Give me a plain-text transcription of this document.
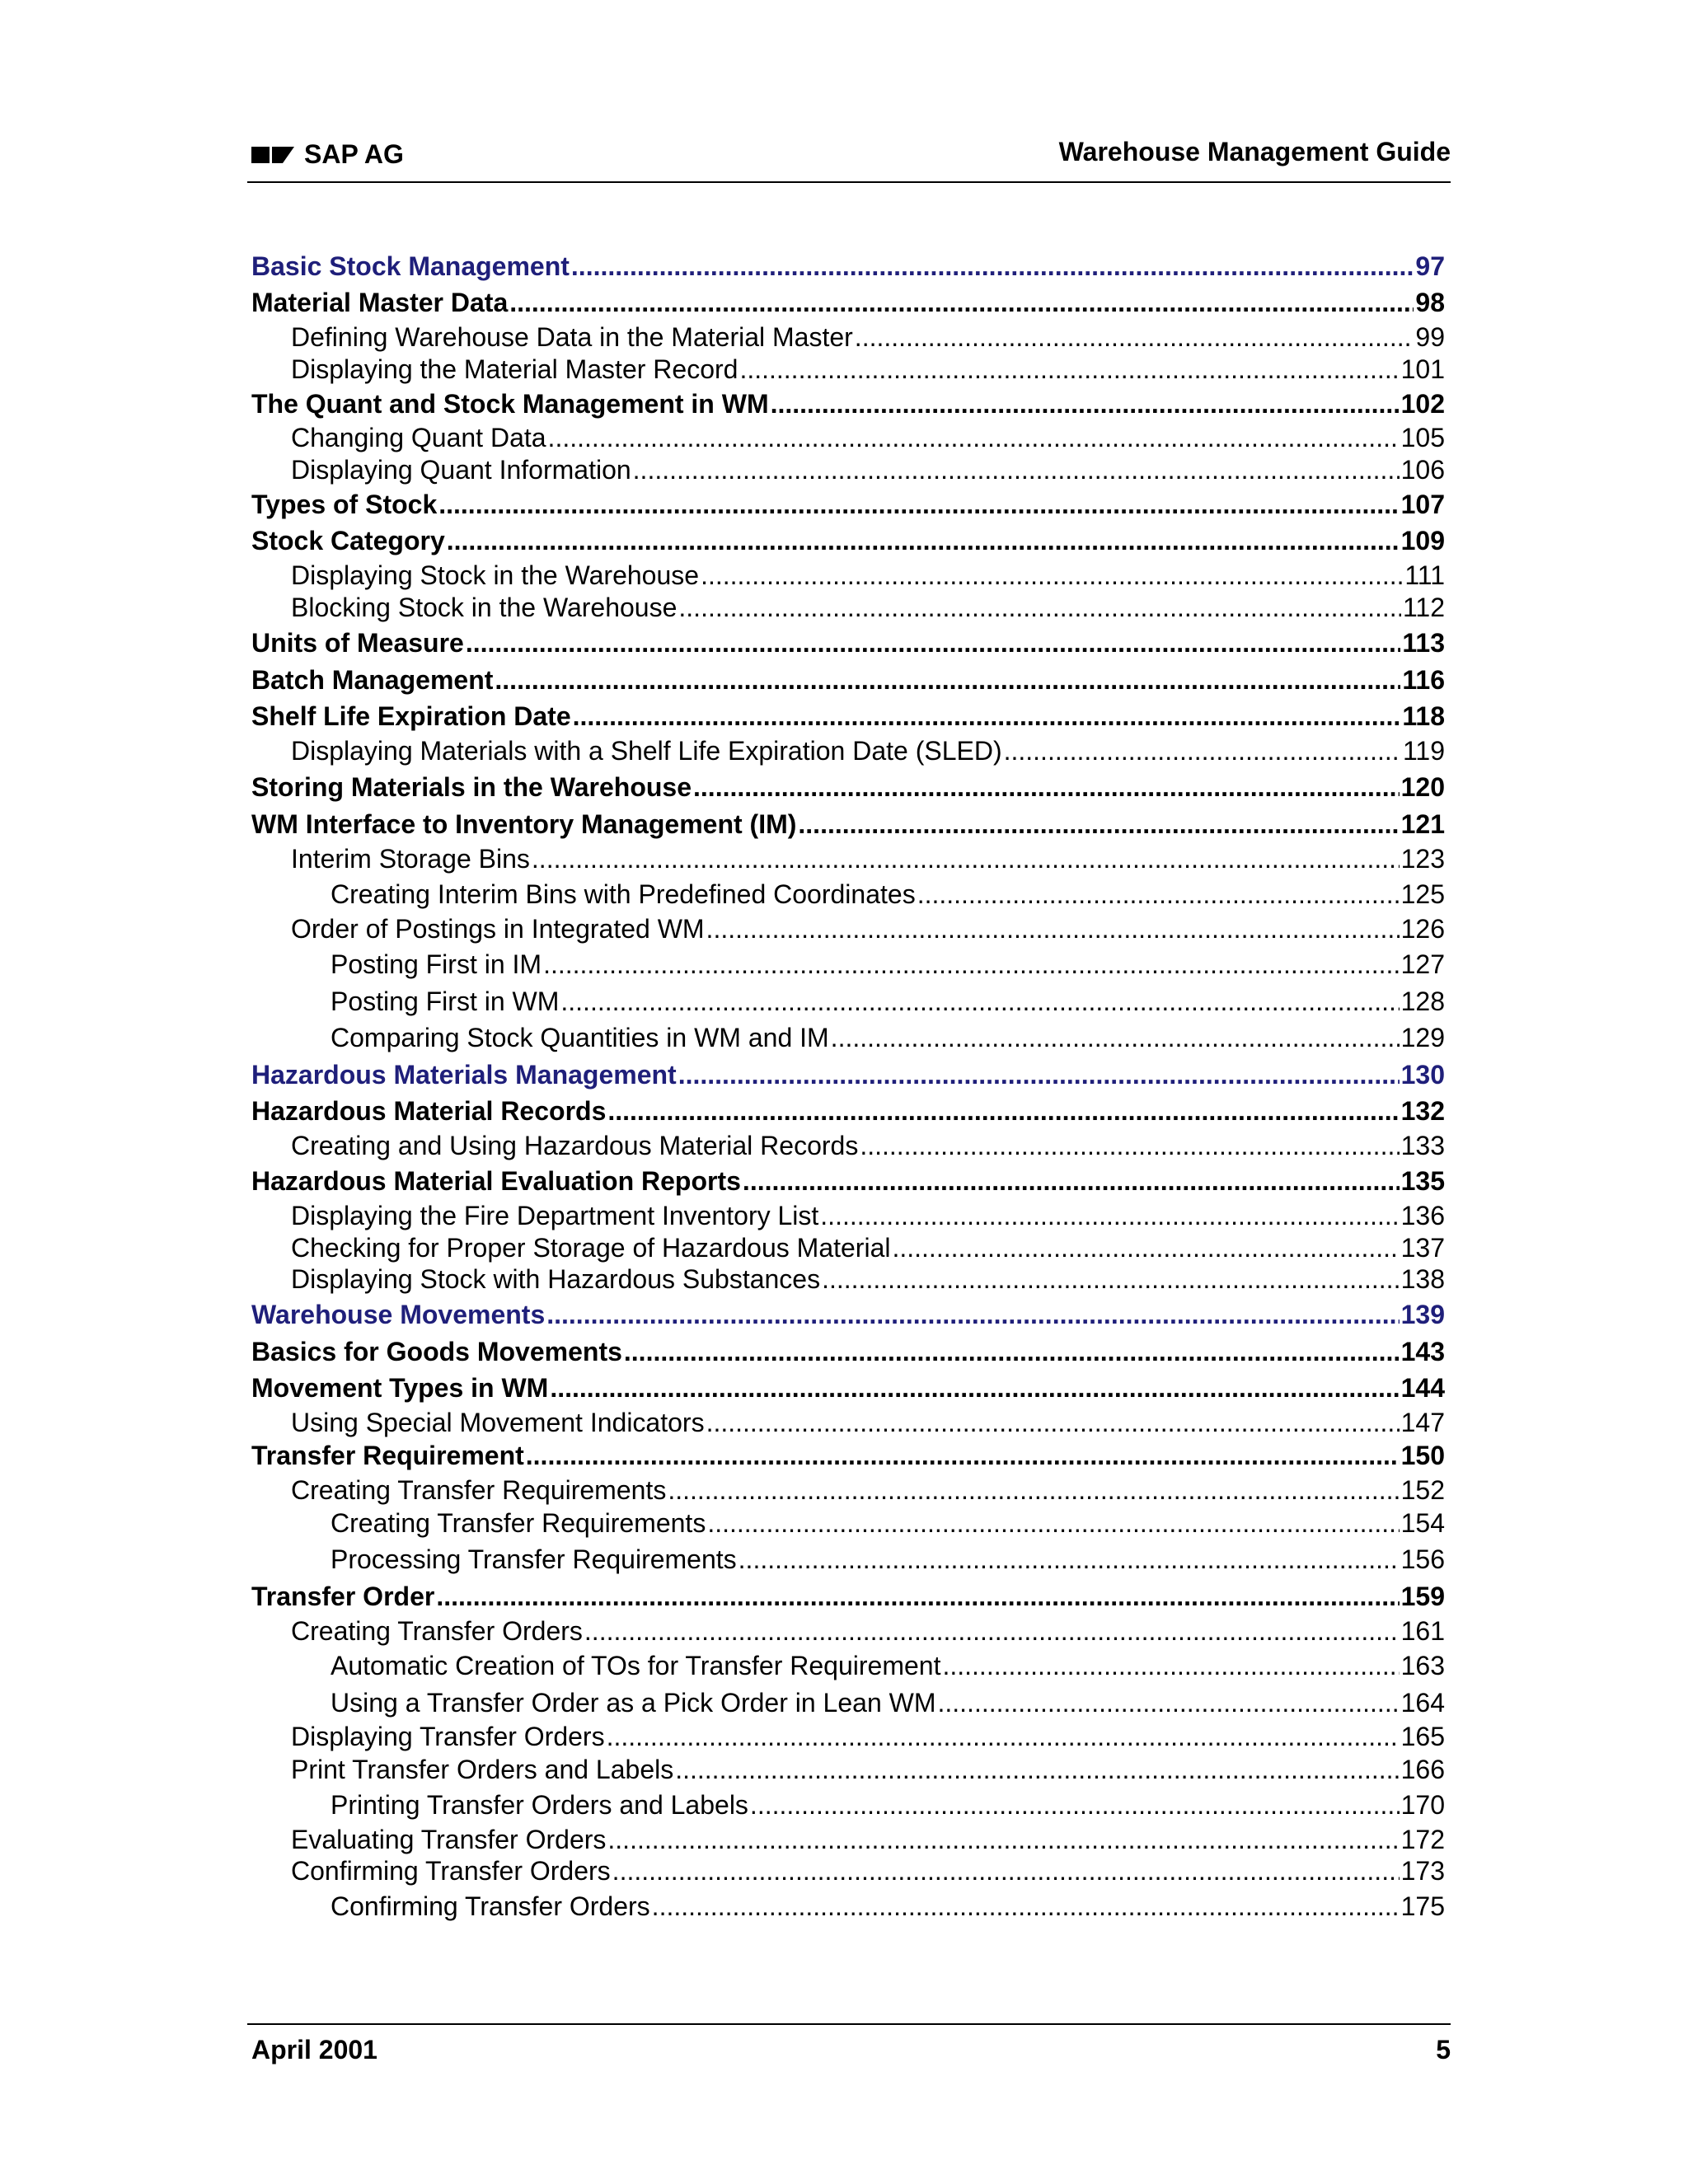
SAP AG	Warehouse Management Guide
Basic Stock Management .....	97
Material Master Data .....	98
Defining Warehouse Data in the Material Master .....	99
Displaying the Material Master Record .....	101
The Quant and Stock Management in WM .....	102
Changing Quant Data .....	105
Displaying Quant Information .....	106
Types of Stock .....	107
Stock Category .....	109
Displaying Stock in the Warehouse .....	111
Blocking Stock in the Warehouse .....	112
Units of Measure .....	113
Batch Management .....	116
Shelf Life Expiration Date .....	118
Displaying Materials with a Shelf Life Expiration Date (SLED) .....	119
Storing Materials in the Warehouse .....	120
WM Interface to Inventory Management (IM) .....	121
Interim Storage Bins .....	123
Creating Interim Bins with Predefined Coordinates .....	125
Order of Postings in Integrated WM .....	126
Posting First in IM .....	127
Posting First in WM .....	128
Comparing Stock Quantities in WM and IM .....	129
Hazardous Materials Management .....	130
Hazardous Material Records .....	132
Creating and Using Hazardous Material Records .....	133
Hazardous Material Evaluation Reports .....	135
Displaying the Fire Department Inventory List .....	136
Checking for Proper Storage of Hazardous Material .....	137
Displaying Stock with Hazardous Substances .....	138
Warehouse Movements .....	139
Basics for Goods Movements .....	143
Movement Types in WM .....	144
Using Special Movement Indicators .....	147
Transfer Requirement .....	150
Creating Transfer Requirements .....	152
Creating Transfer Requirements .....	154
Processing Transfer Requirements .....	156
Transfer Order .....	159
Creating Transfer Orders .....	161
Automatic Creation of TOs for Transfer Requirement .....	163
Using a Transfer Order as a Pick Order in Lean WM .....	164
Displaying Transfer Orders .....	165
Print Transfer Orders and Labels .....	166
Printing Transfer Orders and Labels .....	170
Evaluating Transfer Orders .....	172
Confirming Transfer Orders .....	173
Confirming Transfer Orders .....	175
April 2001	5
